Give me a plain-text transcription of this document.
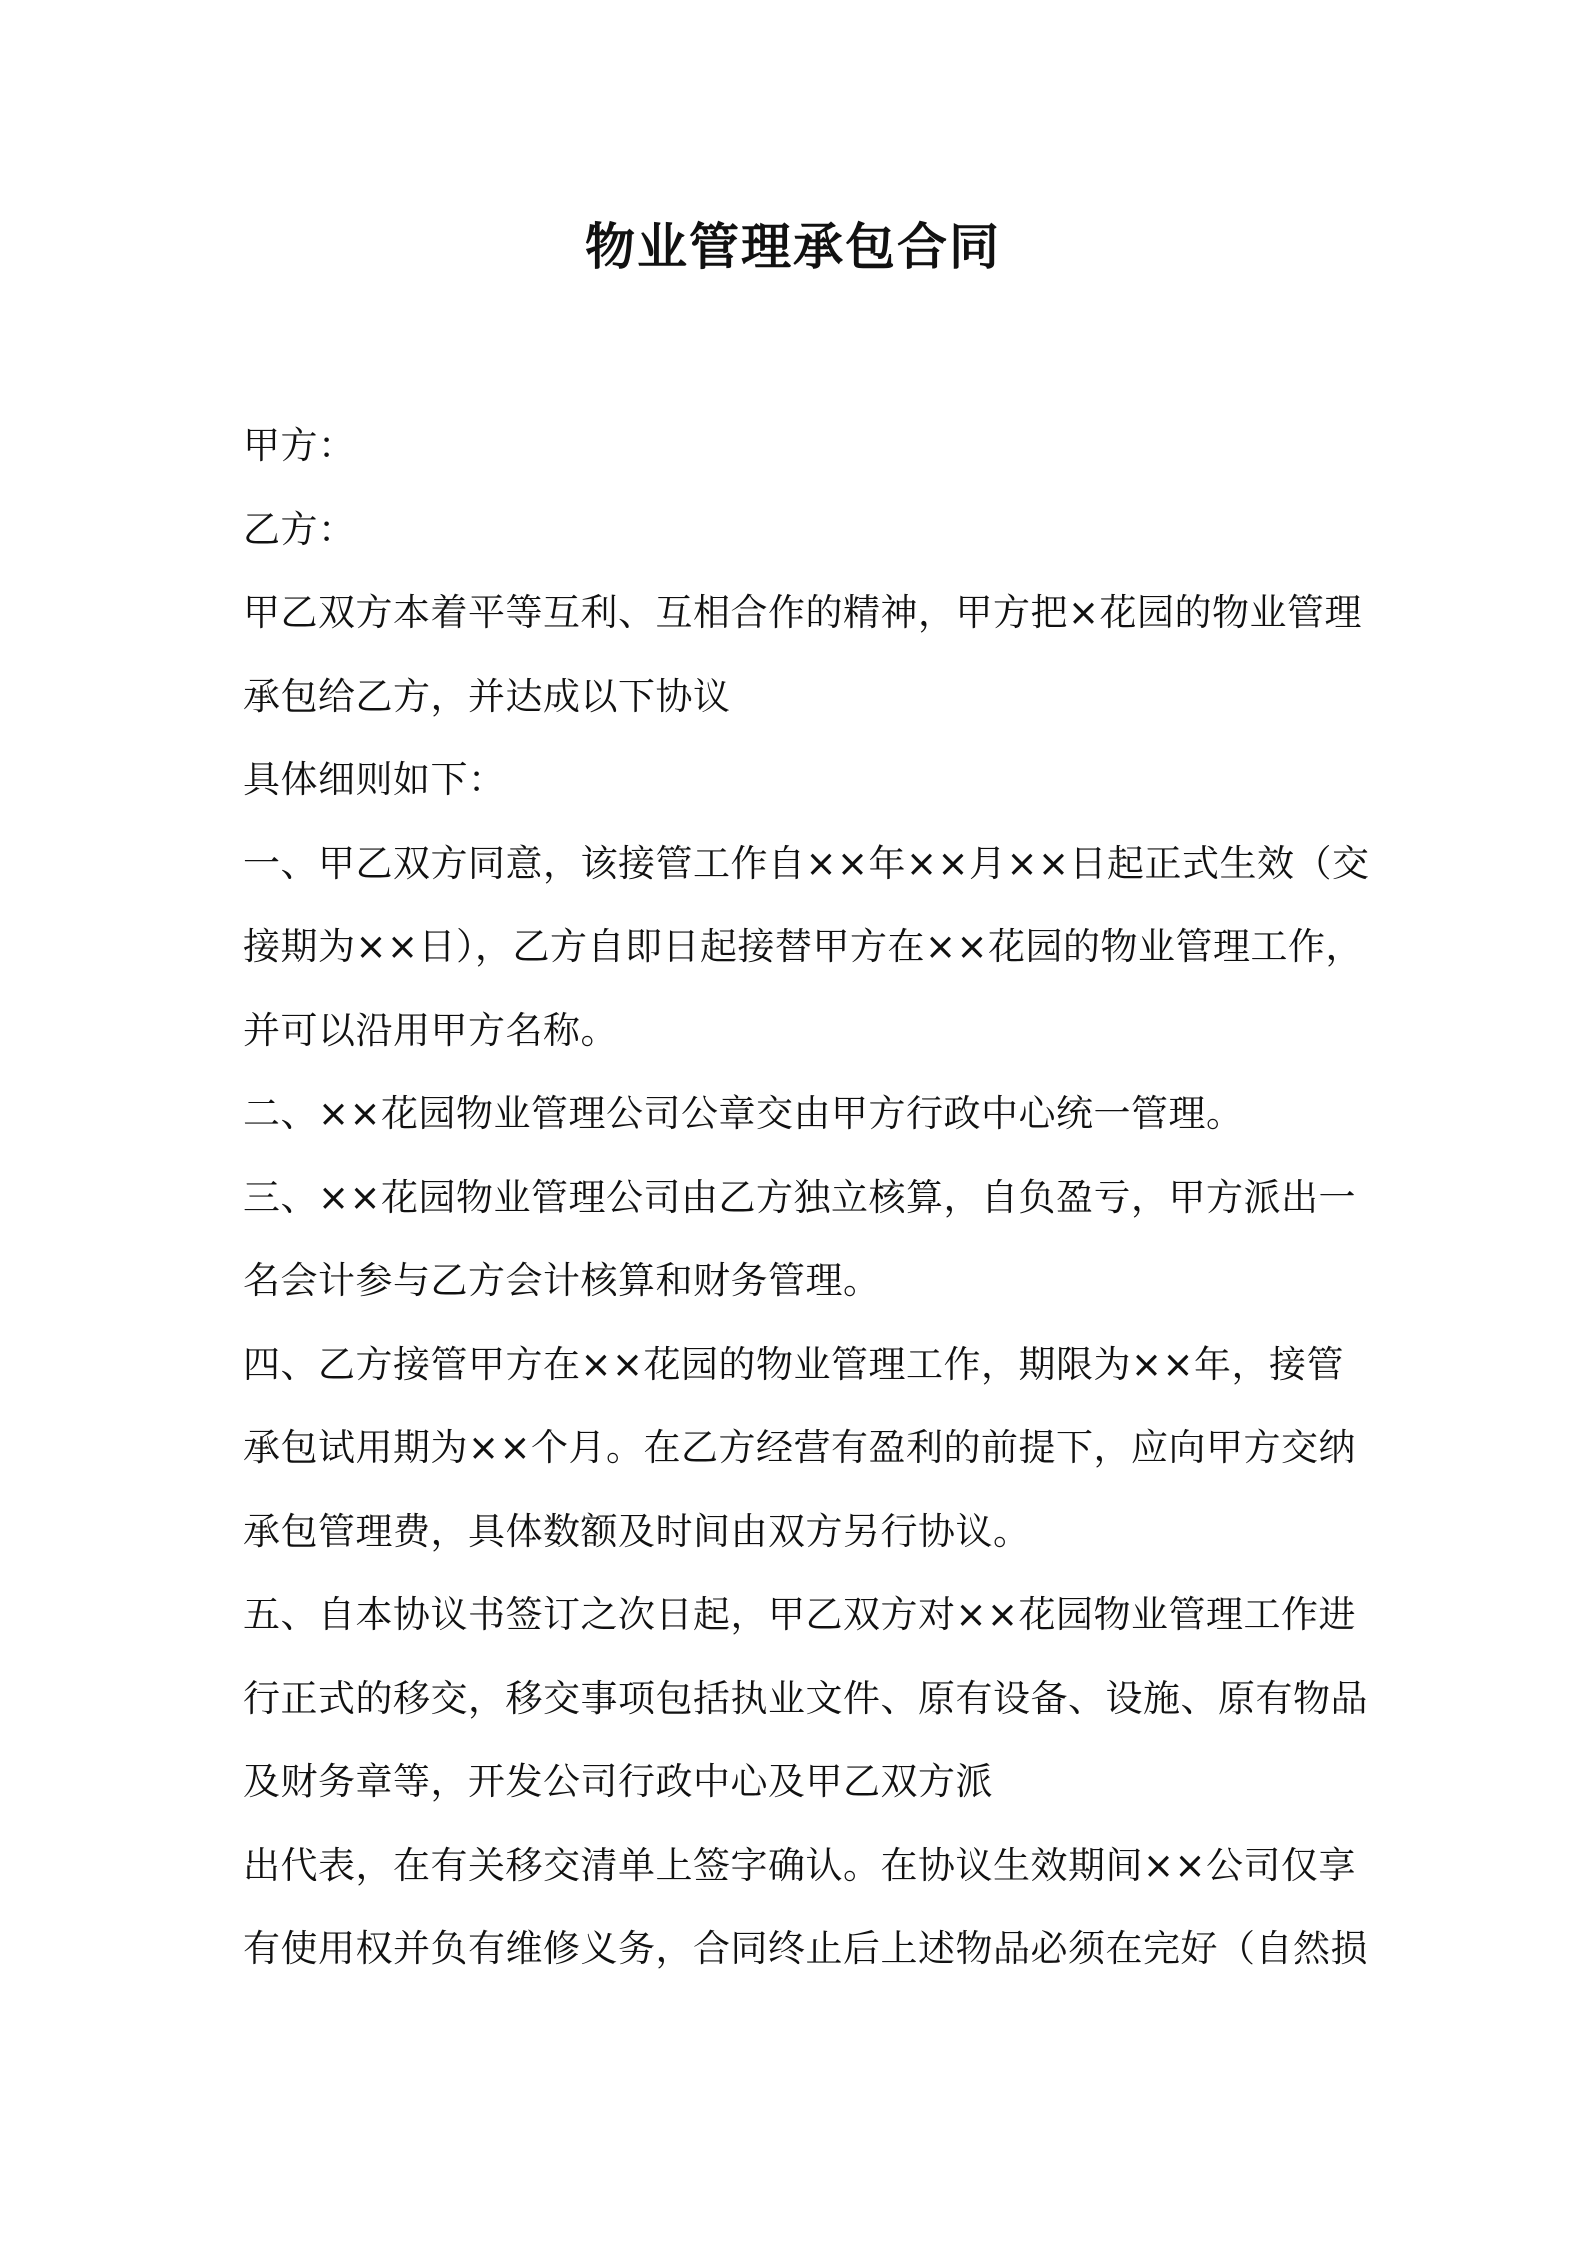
物业管理承包合同
甲方：
乙方：
甲乙双方本着平等互利、互相合作的精神，甲方把×花园的物业管理
承包给乙方，并达成以下协议
具体细则如下：
一、甲乙双方同意，该接管工作自××年××月××日起正式生效（交
接期为××日），乙方自即日起接替甲方在××花园的物业管理工作，
并可以沿用甲方名称。
二、××花园物业管理公司公章交由甲方行政中心统一管理。
三、××花园物业管理公司由乙方独立核算，自负盈亏，甲方派出一
名会计参与乙方会计核算和财务管理。
四、乙方接管甲方在××花园的物业管理工作，期限为××年，接管
承包试用期为××个月。在乙方经营有盈利的前提下，应向甲方交纳
承包管理费，具体数额及时间由双方另行协议。
五、自本协议书签订之次日起，甲乙双方对××花园物业管理工作进
行正式的移交，移交事项包括执业文件、原有设备、设施、原有物品
及财务章等，开发公司行政中心及甲乙双方派
出代表，在有关移交清单上签字确认。在协议生效期间××公司仅享
有使用权并负有维修义务，合同终止后上述物品必须在完好（自然损
